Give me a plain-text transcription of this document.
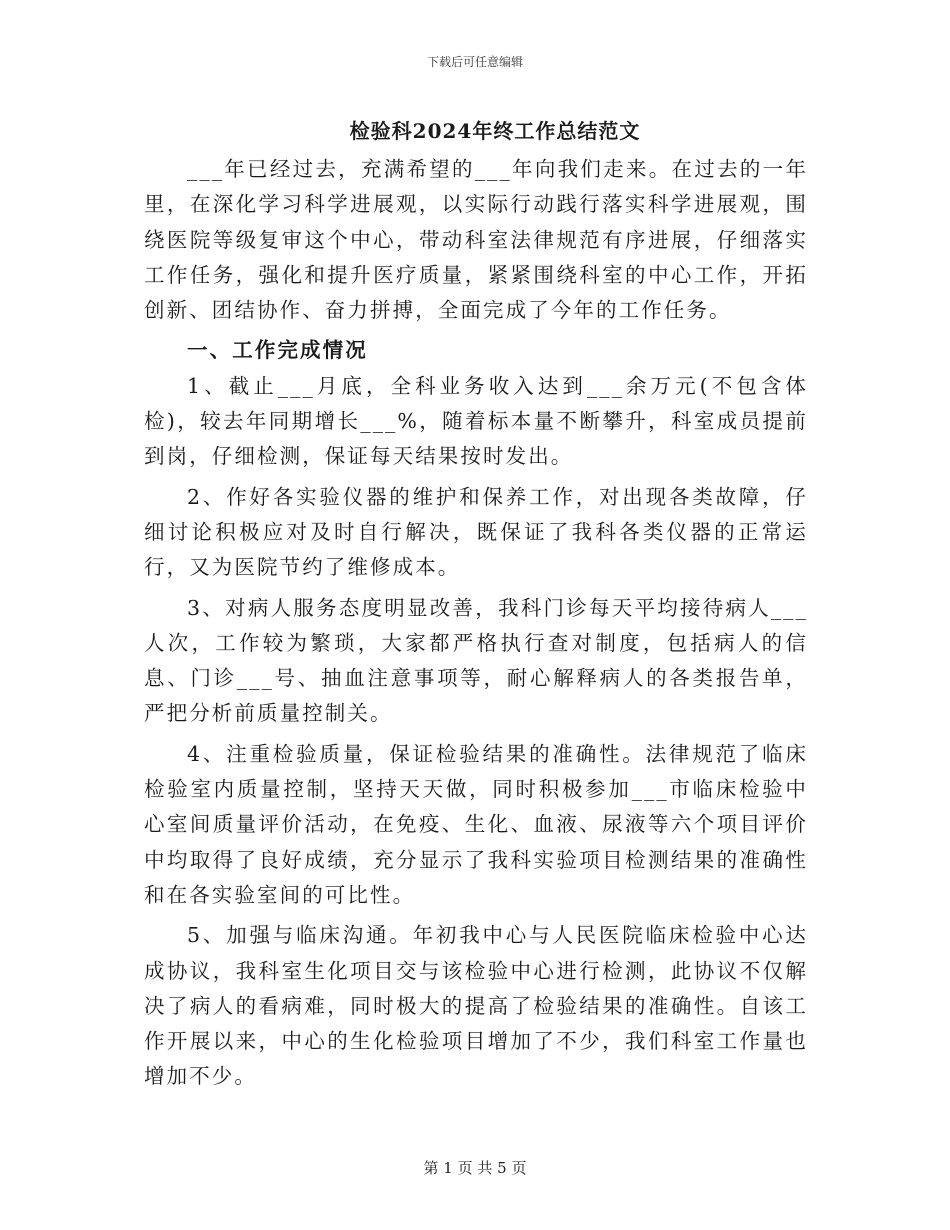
下载后可任意编辑
检验科2024年终工作总结范文

___年已经过去，充满希望的___年向我们走来。在过去的一年里，在深化学习科学进展观，以实际行动践行落实科学进展观，围绕医院等级复审这个中心，带动科室法律规范有序进展，仔细落实工作任务，强化和提升医疗质量，紧紧围绕科室的中心工作，开拓创新、团结协作、奋力拼搏，全面完成了今年的工作任务。

一、工作完成情况

1、截止___月底，全科业务收入达到___余万元(不包含体检)，较去年同期增长___%，随着标本量不断攀升，科室成员提前到岗，仔细检测，保证每天结果按时发出。

2、作好各实验仪器的维护和保养工作，对出现各类故障，仔细讨论积极应对及时自行解决，既保证了我科各类仪器的正常运行，又为医院节约了维修成本。

3、对病人服务态度明显改善，我科门诊每天平均接待病人___人次，工作较为繁琐，大家都严格执行查对制度，包括病人的信息、门诊___号、抽血注意事项等，耐心解释病人的各类报告单，严把分析前质量控制关。

4、注重检验质量，保证检验结果的准确性。法律规范了临床检验室内质量控制，坚持天天做，同时积极参加___市临床检验中心室间质量评价活动，在免疫、生化、血液、尿液等六个项目评价中均取得了良好成绩，充分显示了我科实验项目检测结果的准确性和在各实验室间的可比性。

5、加强与临床沟通。年初我中心与人民医院临床检验中心达成协议，我科室生化项目交与该检验中心进行检测，此协议不仅解决了病人的看病难，同时极大的提高了检验结果的准确性。自该工作开展以来，中心的生化检验项目增加了不少，我们科室工作量也增加不少。

第 1 页 共 5 页
